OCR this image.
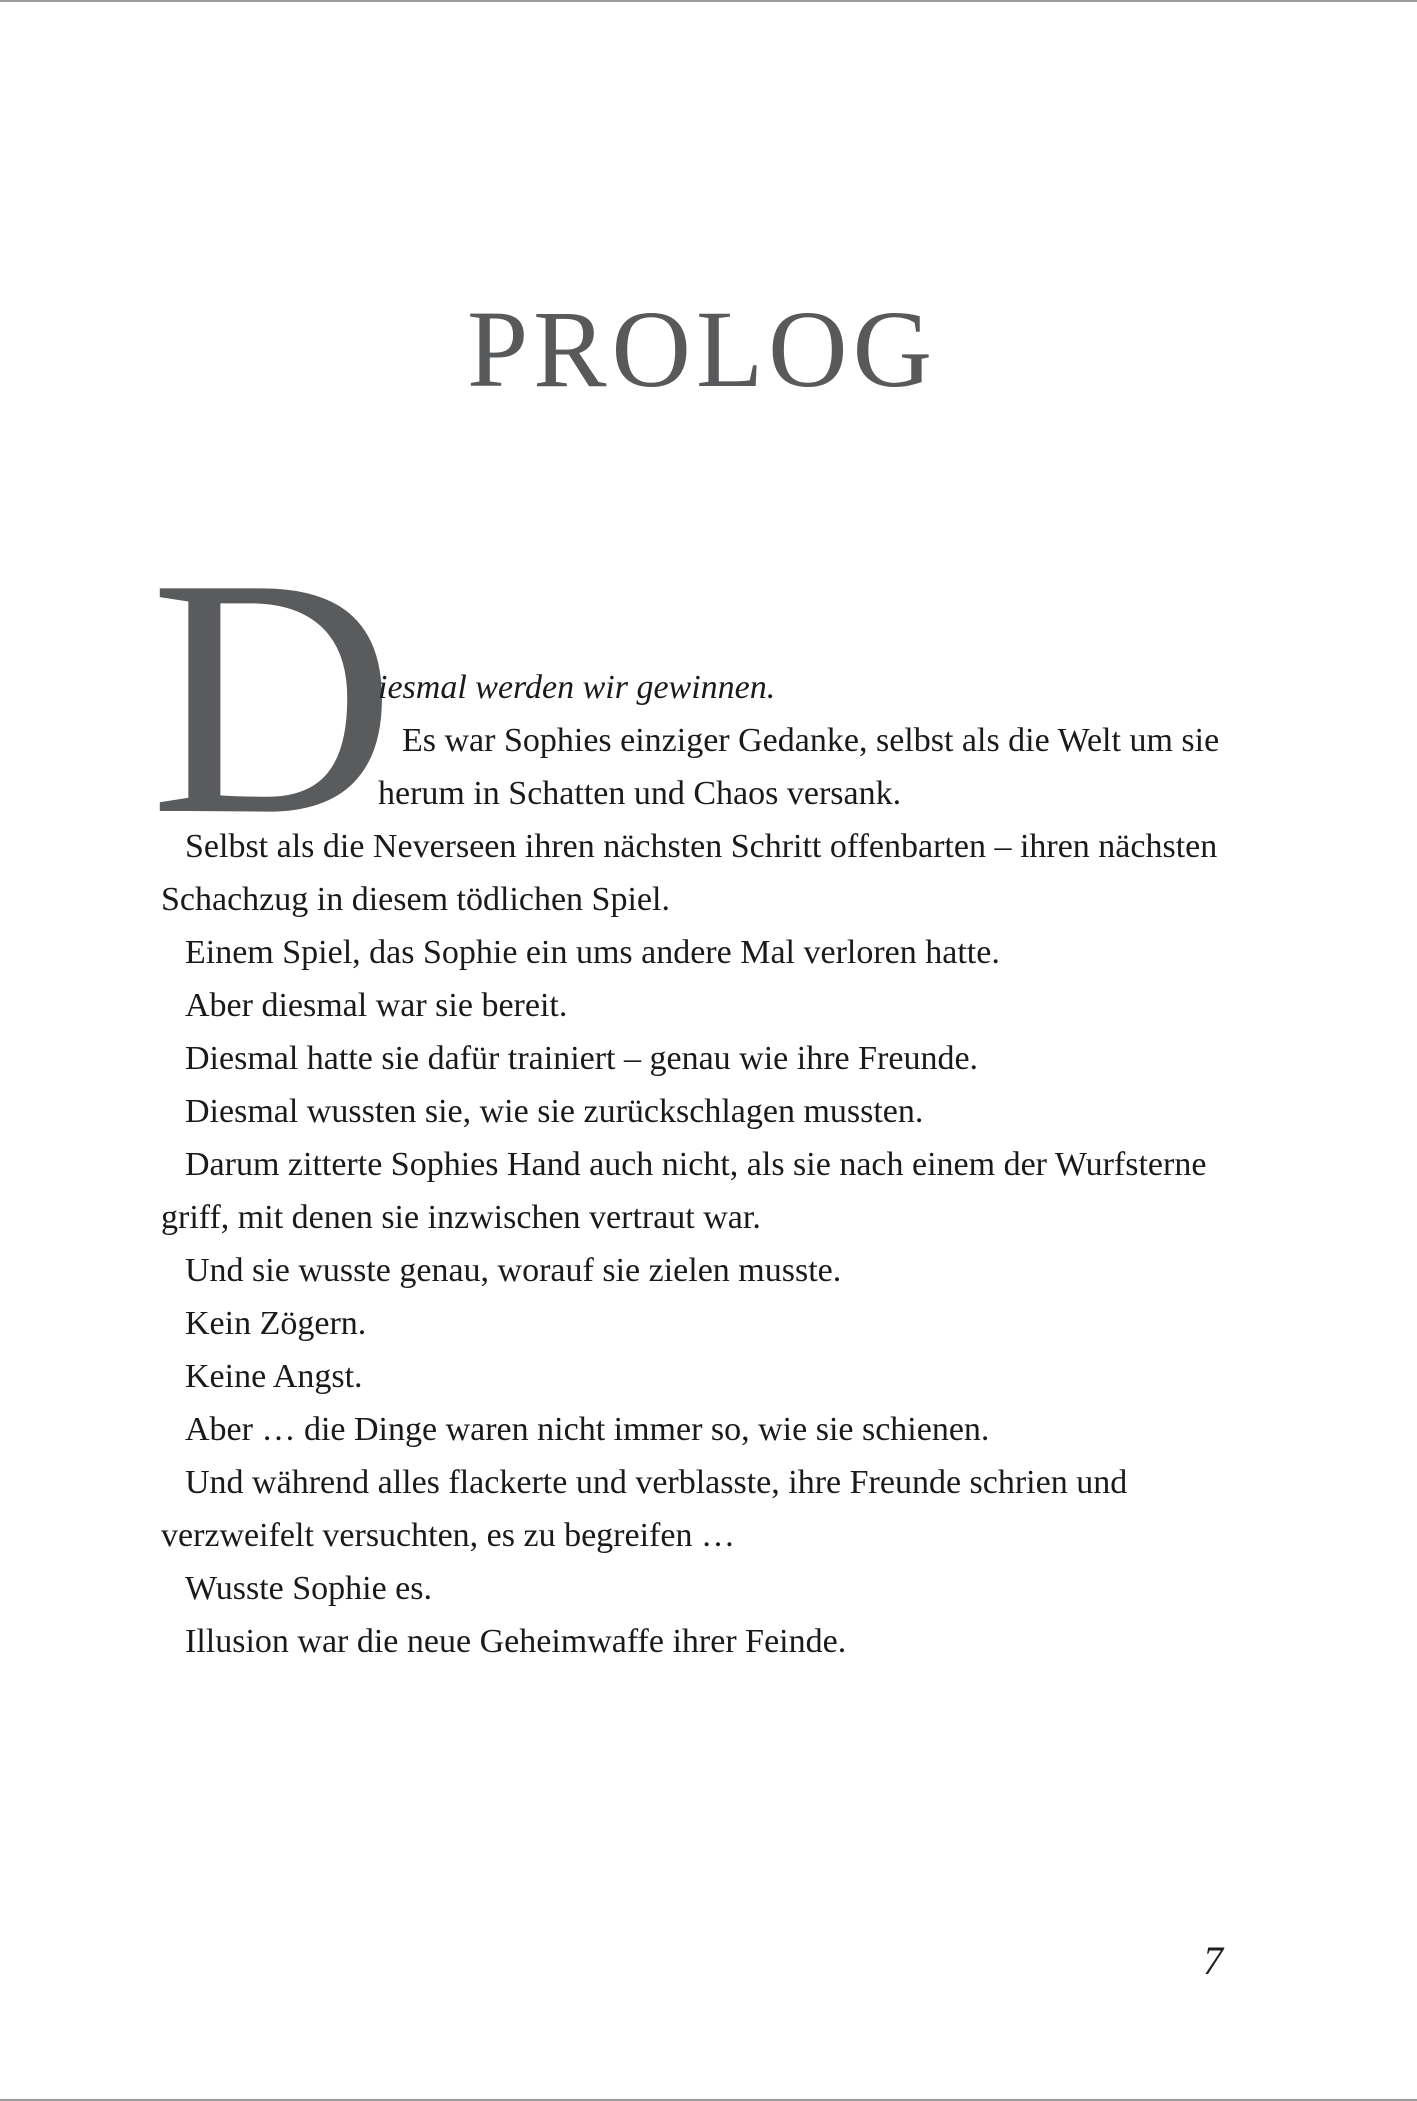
PROLOG
D

iesmal werden wir gewinnen.

Es war Sophies einziger Gedanke, selbst als die Welt um sie herum in Schatten und Chaos versank.

Selbst als die Neverseen ihren nächsten Schritt offenbarten – ihren nächsten Schachzug in diesem tödlichen Spiel.

Einem Spiel, das Sophie ein ums andere Mal verloren hatte.

Aber diesmal war sie bereit.

Diesmal hatte sie dafür trainiert – genau wie ihre Freunde.

Diesmal wussten sie, wie sie zurückschlagen mussten.

Darum zitterte Sophies Hand auch nicht, als sie nach einem der Wurfsterne griff, mit denen sie inzwischen vertraut war.

Und sie wusste genau, worauf sie zielen musste.

Kein Zögern.

Keine Angst.

Aber … die Dinge waren nicht immer so, wie sie schienen.

Und während alles flackerte und verblasste, ihre Freunde schrien und verzweifelt versuchten, es zu begreifen …

Wusste Sophie es.

Illusion war die neue Geheimwaffe ihrer Feinde.

7
